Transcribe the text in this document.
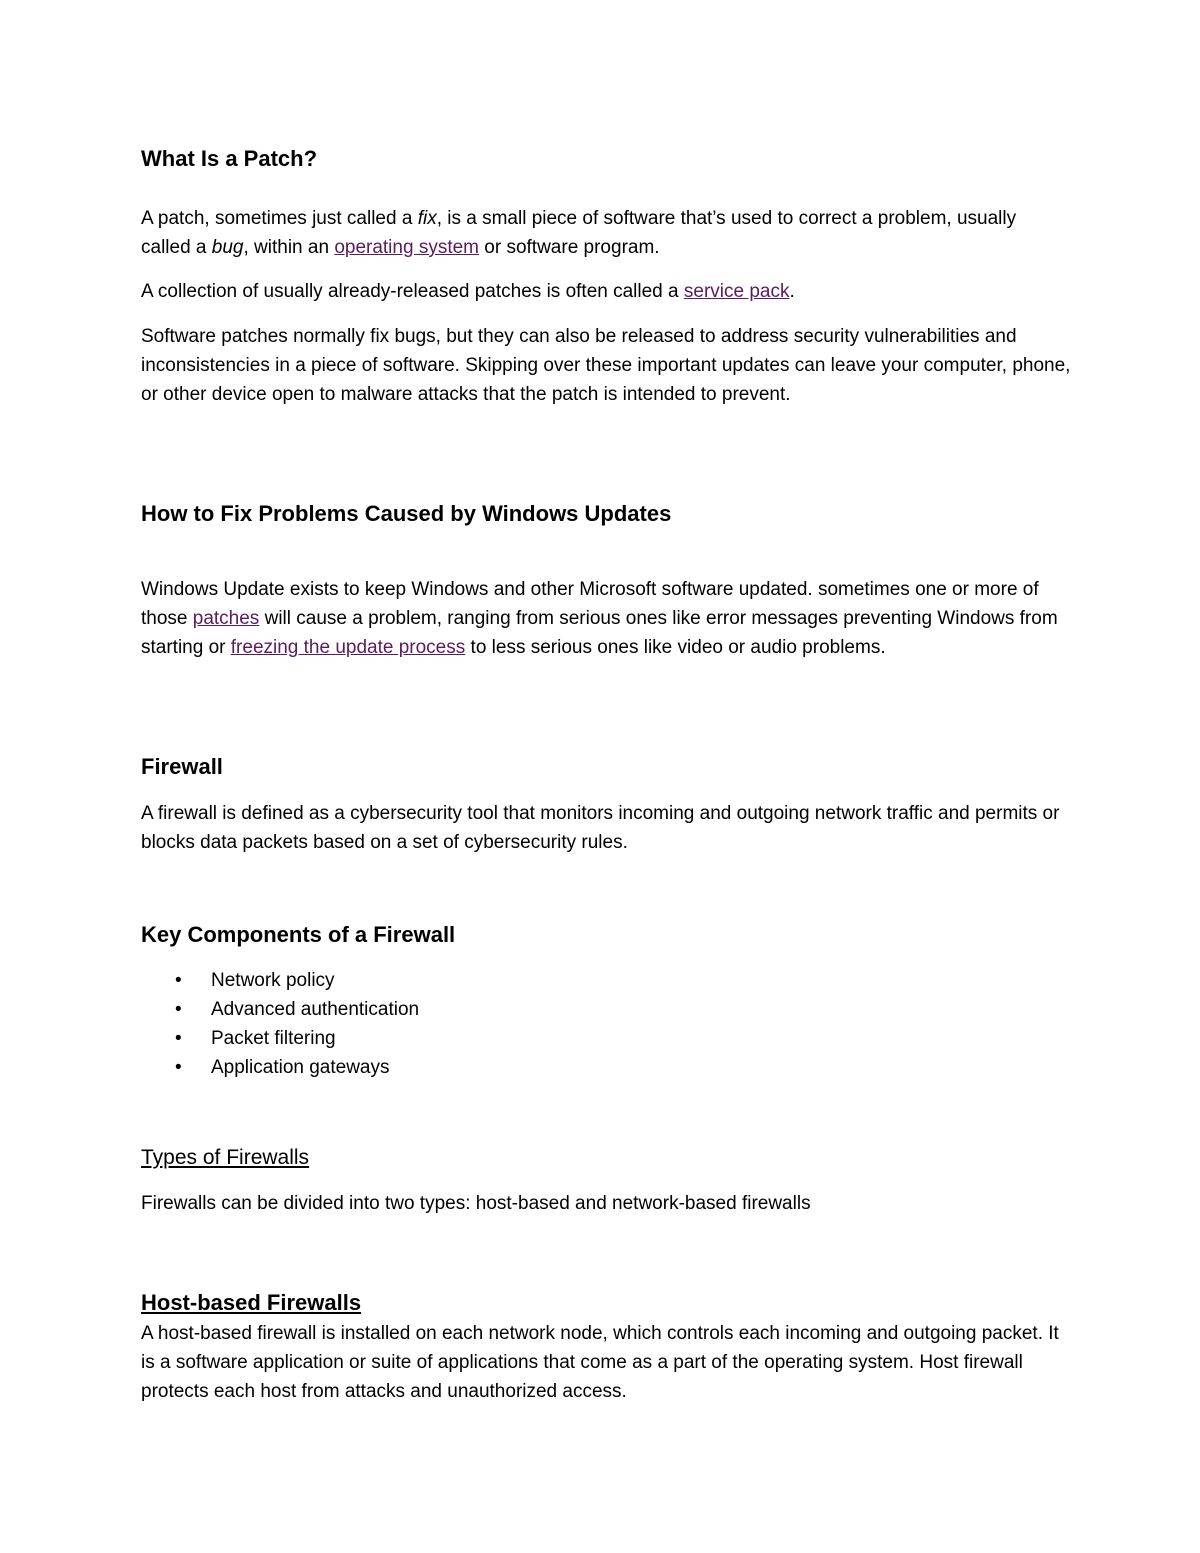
What Is a Patch?

A patch, sometimes just called a fix, is a small piece of software that’s used to correct a problem, usually called a bug, within an operating system or software program.

A collection of usually already-released patches is often called a service pack.

Software patches normally fix bugs, but they can also be released to address security vulnerabilities and inconsistencies in a piece of software. Skipping over these important updates can leave your computer, phone, or other device open to malware attacks that the patch is intended to prevent.

How to Fix Problems Caused by Windows Updates

Windows Update exists to keep Windows and other Microsoft software updated. sometimes one or more of those patches will cause a problem, ranging from serious ones like error messages preventing Windows from starting or freezing the update process to less serious ones like video or audio problems.

Firewall

A firewall is defined as a cybersecurity tool that monitors incoming and outgoing network traffic and permits or blocks data packets based on a set of cybersecurity rules.

Key Components of a Firewall
• Network policy
• Advanced authentication
• Packet filtering
• Application gateways
Types of Firewalls

Firewalls can be divided into two types: host-based and network-based firewalls

Host-based Firewalls

A host-based firewall is installed on each network node, which controls each incoming and outgoing packet. It is a software application or suite of applications that come as a part of the operating system. Host firewall protects each host from attacks and unauthorized access.
